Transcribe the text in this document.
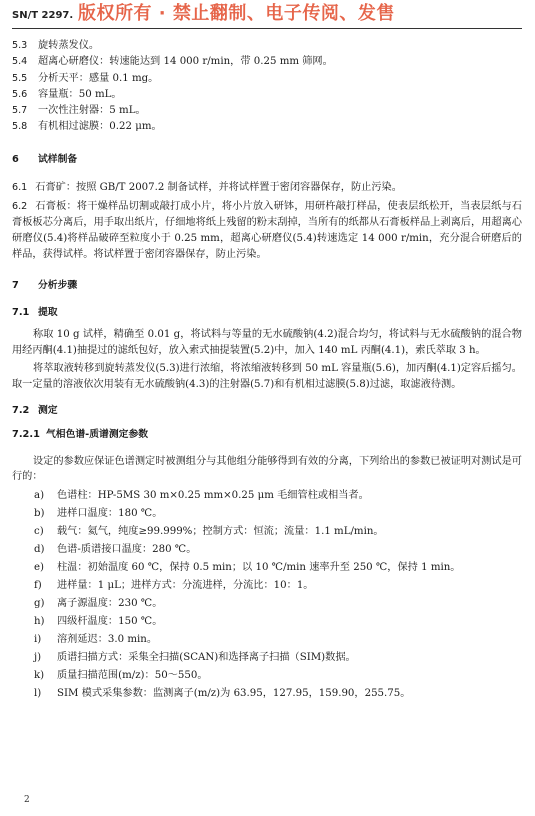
SN/T 2297. 版权所有 · 禁止翻制、电子传阅、发售
5.3	旋转蒸发仪。
5.4	超离心研磨仪：转速能达到 14 000 r/min，带 0.25 mm 筛网。
5.5	分析天平：感量 0.1 mg。
5.6	容量瓶：50 mL。
5.7	一次性注射器：5 mL。
5.8	有机相过滤膜：0.22 μm。
6	试样制备
6.1 石膏矿：按照 GB/T 2007.2 制备试样，并将试样置于密闭容器保存，防止污染。
6.2 石膏板：将干燥样品切割或敲打成小片，将小片放入研钵，用研杵敲打样品，使表层纸松开，当表层纸与石膏板板芯分离后，用手取出纸片，仔细地将纸上残留的粉末刮掉，当所有的纸都从石膏板样品上剥离后，用超离心研磨仪(5.4)将样品破碎至粒度小于 0.25 mm，超离心研磨仪(5.4)转速选定 14 000 r/min，充分混合研磨后的样品，获得试样。将试样置于密闭容器保存，防止污染。
7	分析步骤
7.1 提取
称取 10 g 试样，精确至 0.01 g，将试料与等量的无水硫酸钠(4.2)混合均匀，将试料与无水硫酸钠的混合物用经丙酮(4.1)抽提过的滤纸包好，放入索式抽提装置(5.2)中，加入 140 mL 丙酮(4.1)，索氏萃取 3 h。
将萃取液转移到旋转蒸发仪(5.3)进行浓缩，将浓缩液转移到 50 mL 容量瓶(5.6)，加丙酮(4.1)定容后摇匀。取一定量的溶液依次用装有无水硫酸钠(4.3)的注射器(5.7)和有机相过滤膜(5.8)过滤，取滤液待测。
7.2 测定
7.2.1 气相色谱-质谱测定参数
设定的参数应保证色谱测定时被测组分与其他组分能够得到有效的分离，下列给出的参数已被证明对测试是可行的：
a)	色谱柱：HP-5MS 30 m×0.25 mm×0.25 μm 毛细管柱或相当者。
b)	进样口温度：180 ℃。
c)	载气：氦气，纯度≥99.999%；控制方式：恒流；流量：1.1 mL/min。
d)	色谱-质谱接口温度：280 ℃。
e)	柱温：初始温度 60 ℃，保持 0.5 min；以 10 ℃/min 速率升至 250 ℃，保持 1 min。
f)	进样量：1 μL；进样方式：分流进样，分流比：10：1。
g)	离子源温度：230 ℃。
h)	四级杆温度：150 ℃。
i)	溶剂延迟：3.0 min。
j)	质谱扫描方式：采集全扫描(SCAN)和选择离子扫描（SIM)数据。
k)	质量扫描范围(m/z)：50～550。
l)	SIM 模式采集参数：监测离子(m/z)为 63.95，127.95，159.90，255.75。
2
